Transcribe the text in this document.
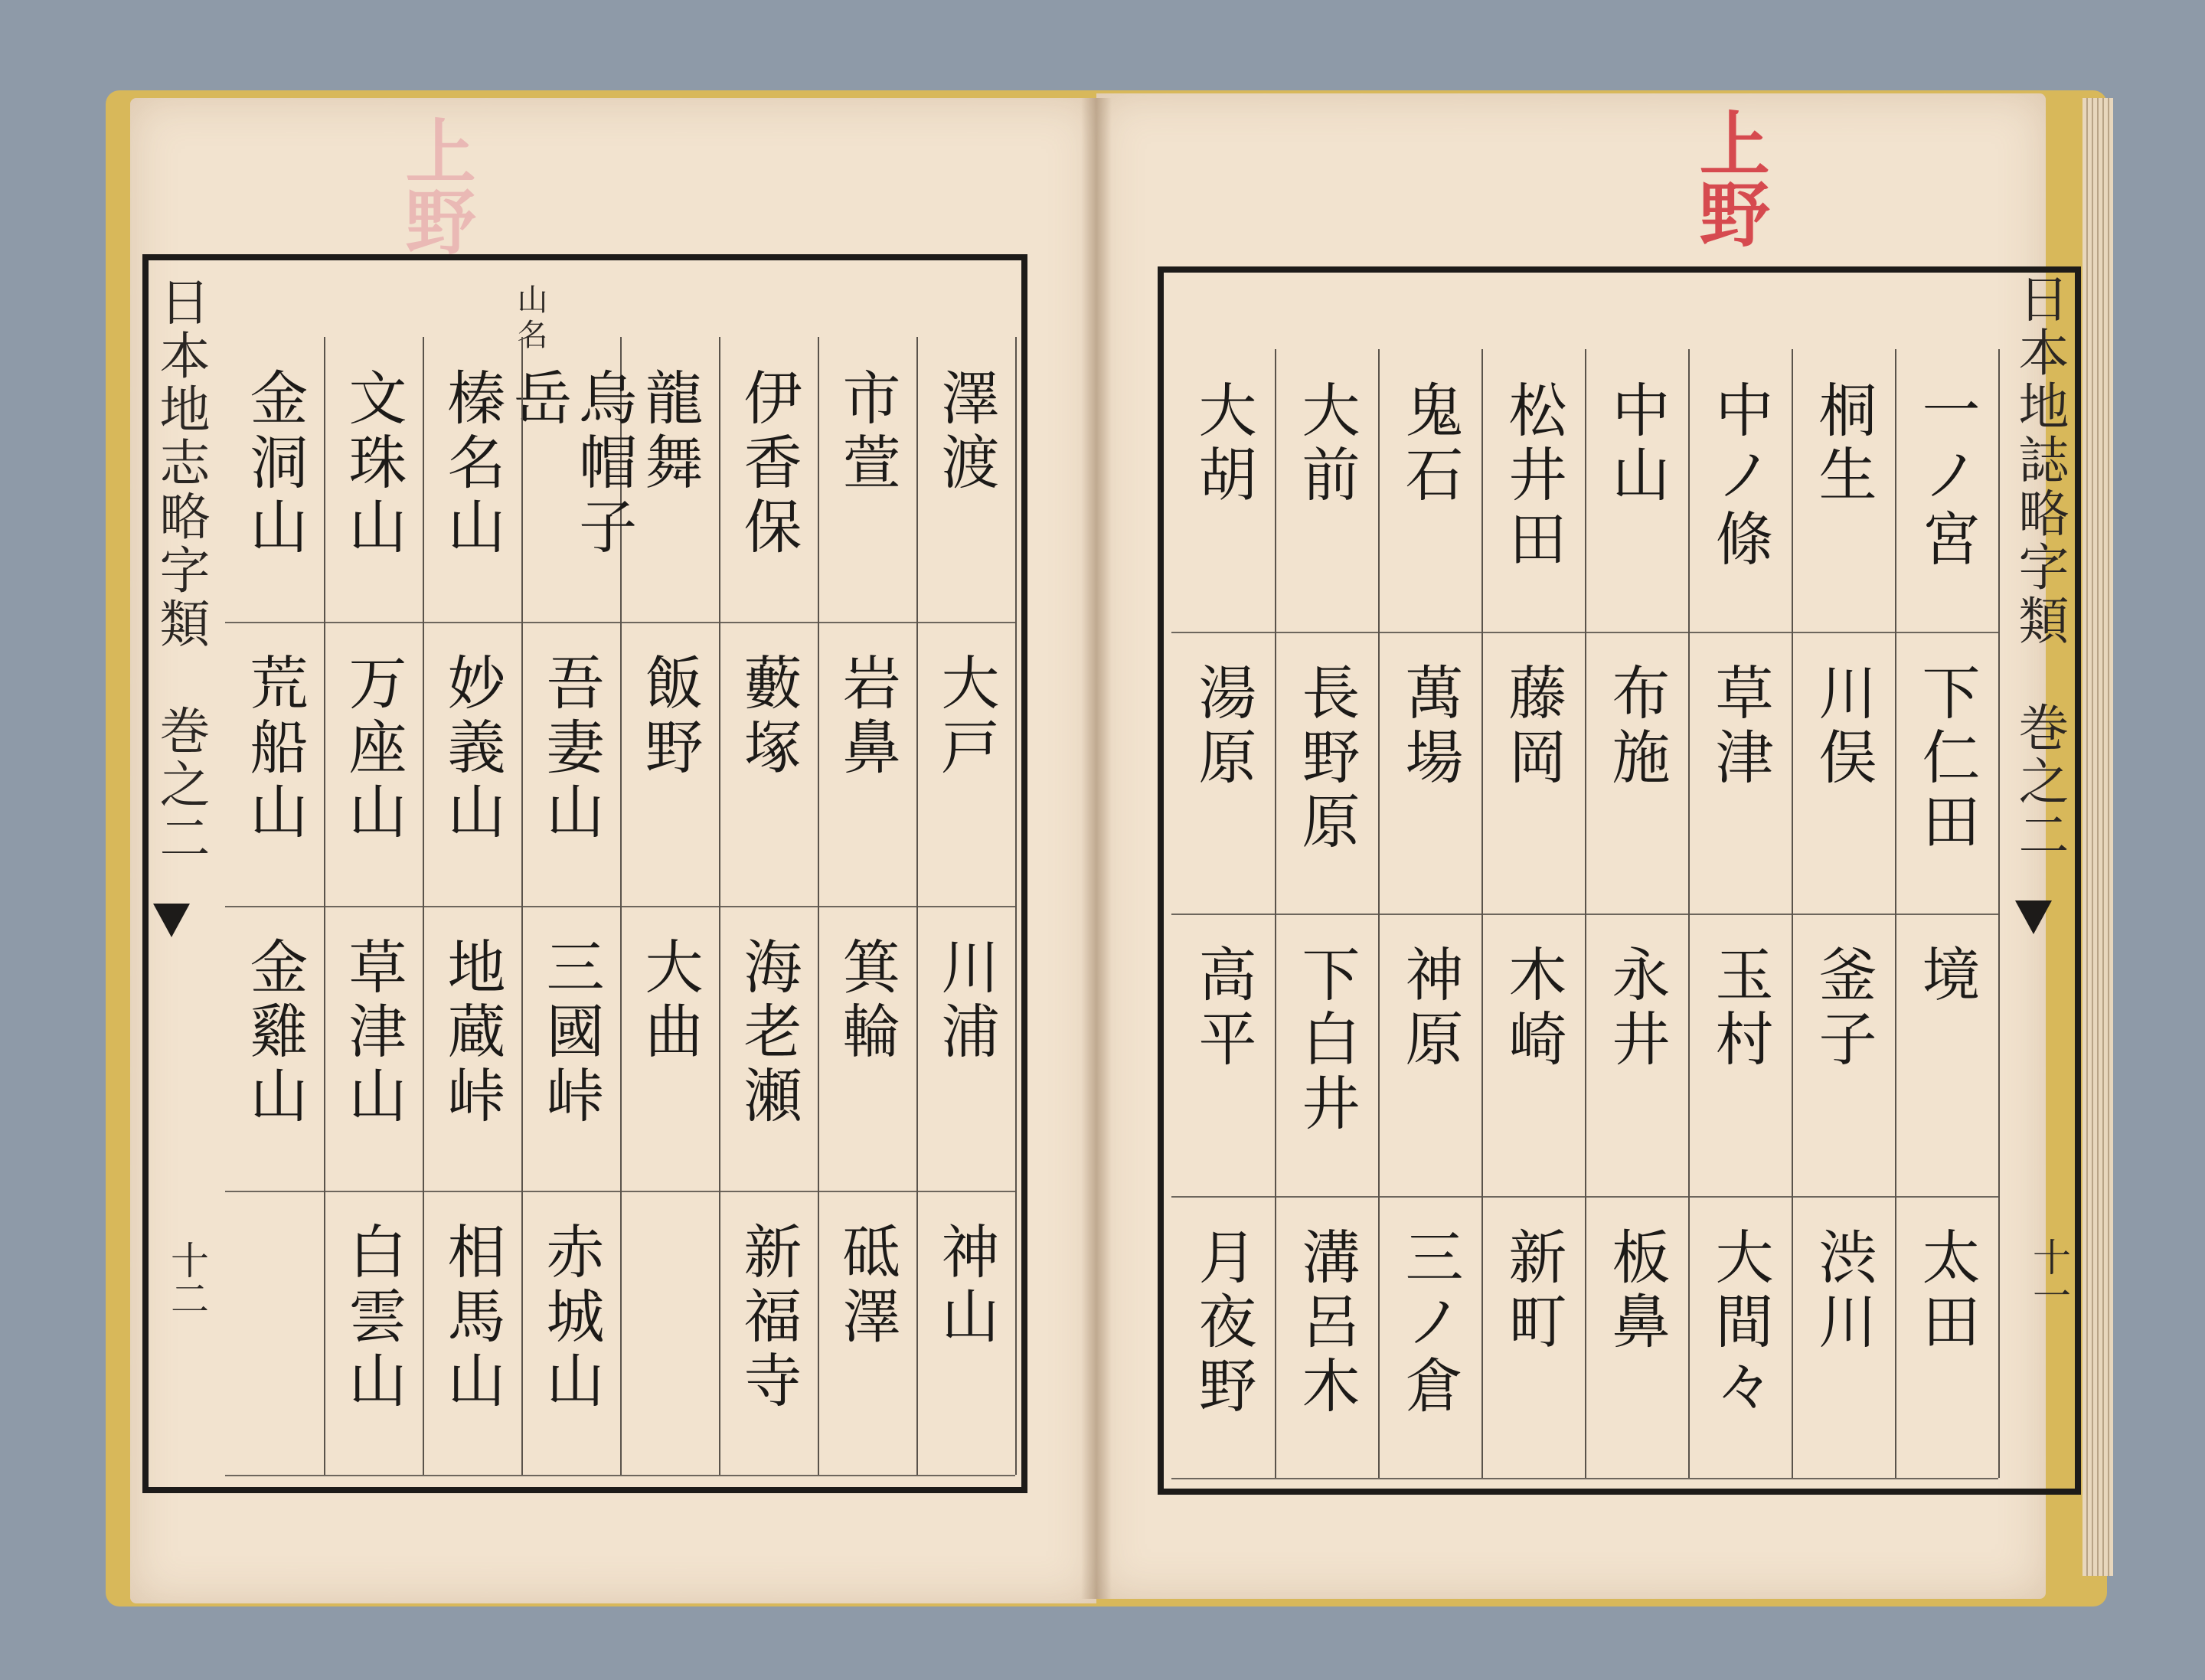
上野	上野
日本地志略字類　巻之二
十二
山名
澤渡
大戸
川浦
神山
市萱
岩鼻
箕輪
砥澤
伊香保
藪塚
海老瀬
新福寺
龍舞
飯野
大曲
烏帽子岳
吾妻山
三國峠
赤城山
榛名山
妙義山
地蔵峠
相馬山
文珠山
万座山
草津山
白雲山
金洞山
荒船山
金雞山
一ノ宮
下仁田
境
太田
桐生
川俣
釜子
渋川
中ノ條
草津
玉村
大間々
中山
布施
永井
板鼻
松井田
藤岡
木崎
新町
鬼石
萬場
神原
三ノ倉
大前
長野原
下白井
溝呂木
大胡
湯原
高平
月夜野
日本地誌略字類　巻之二
十一
